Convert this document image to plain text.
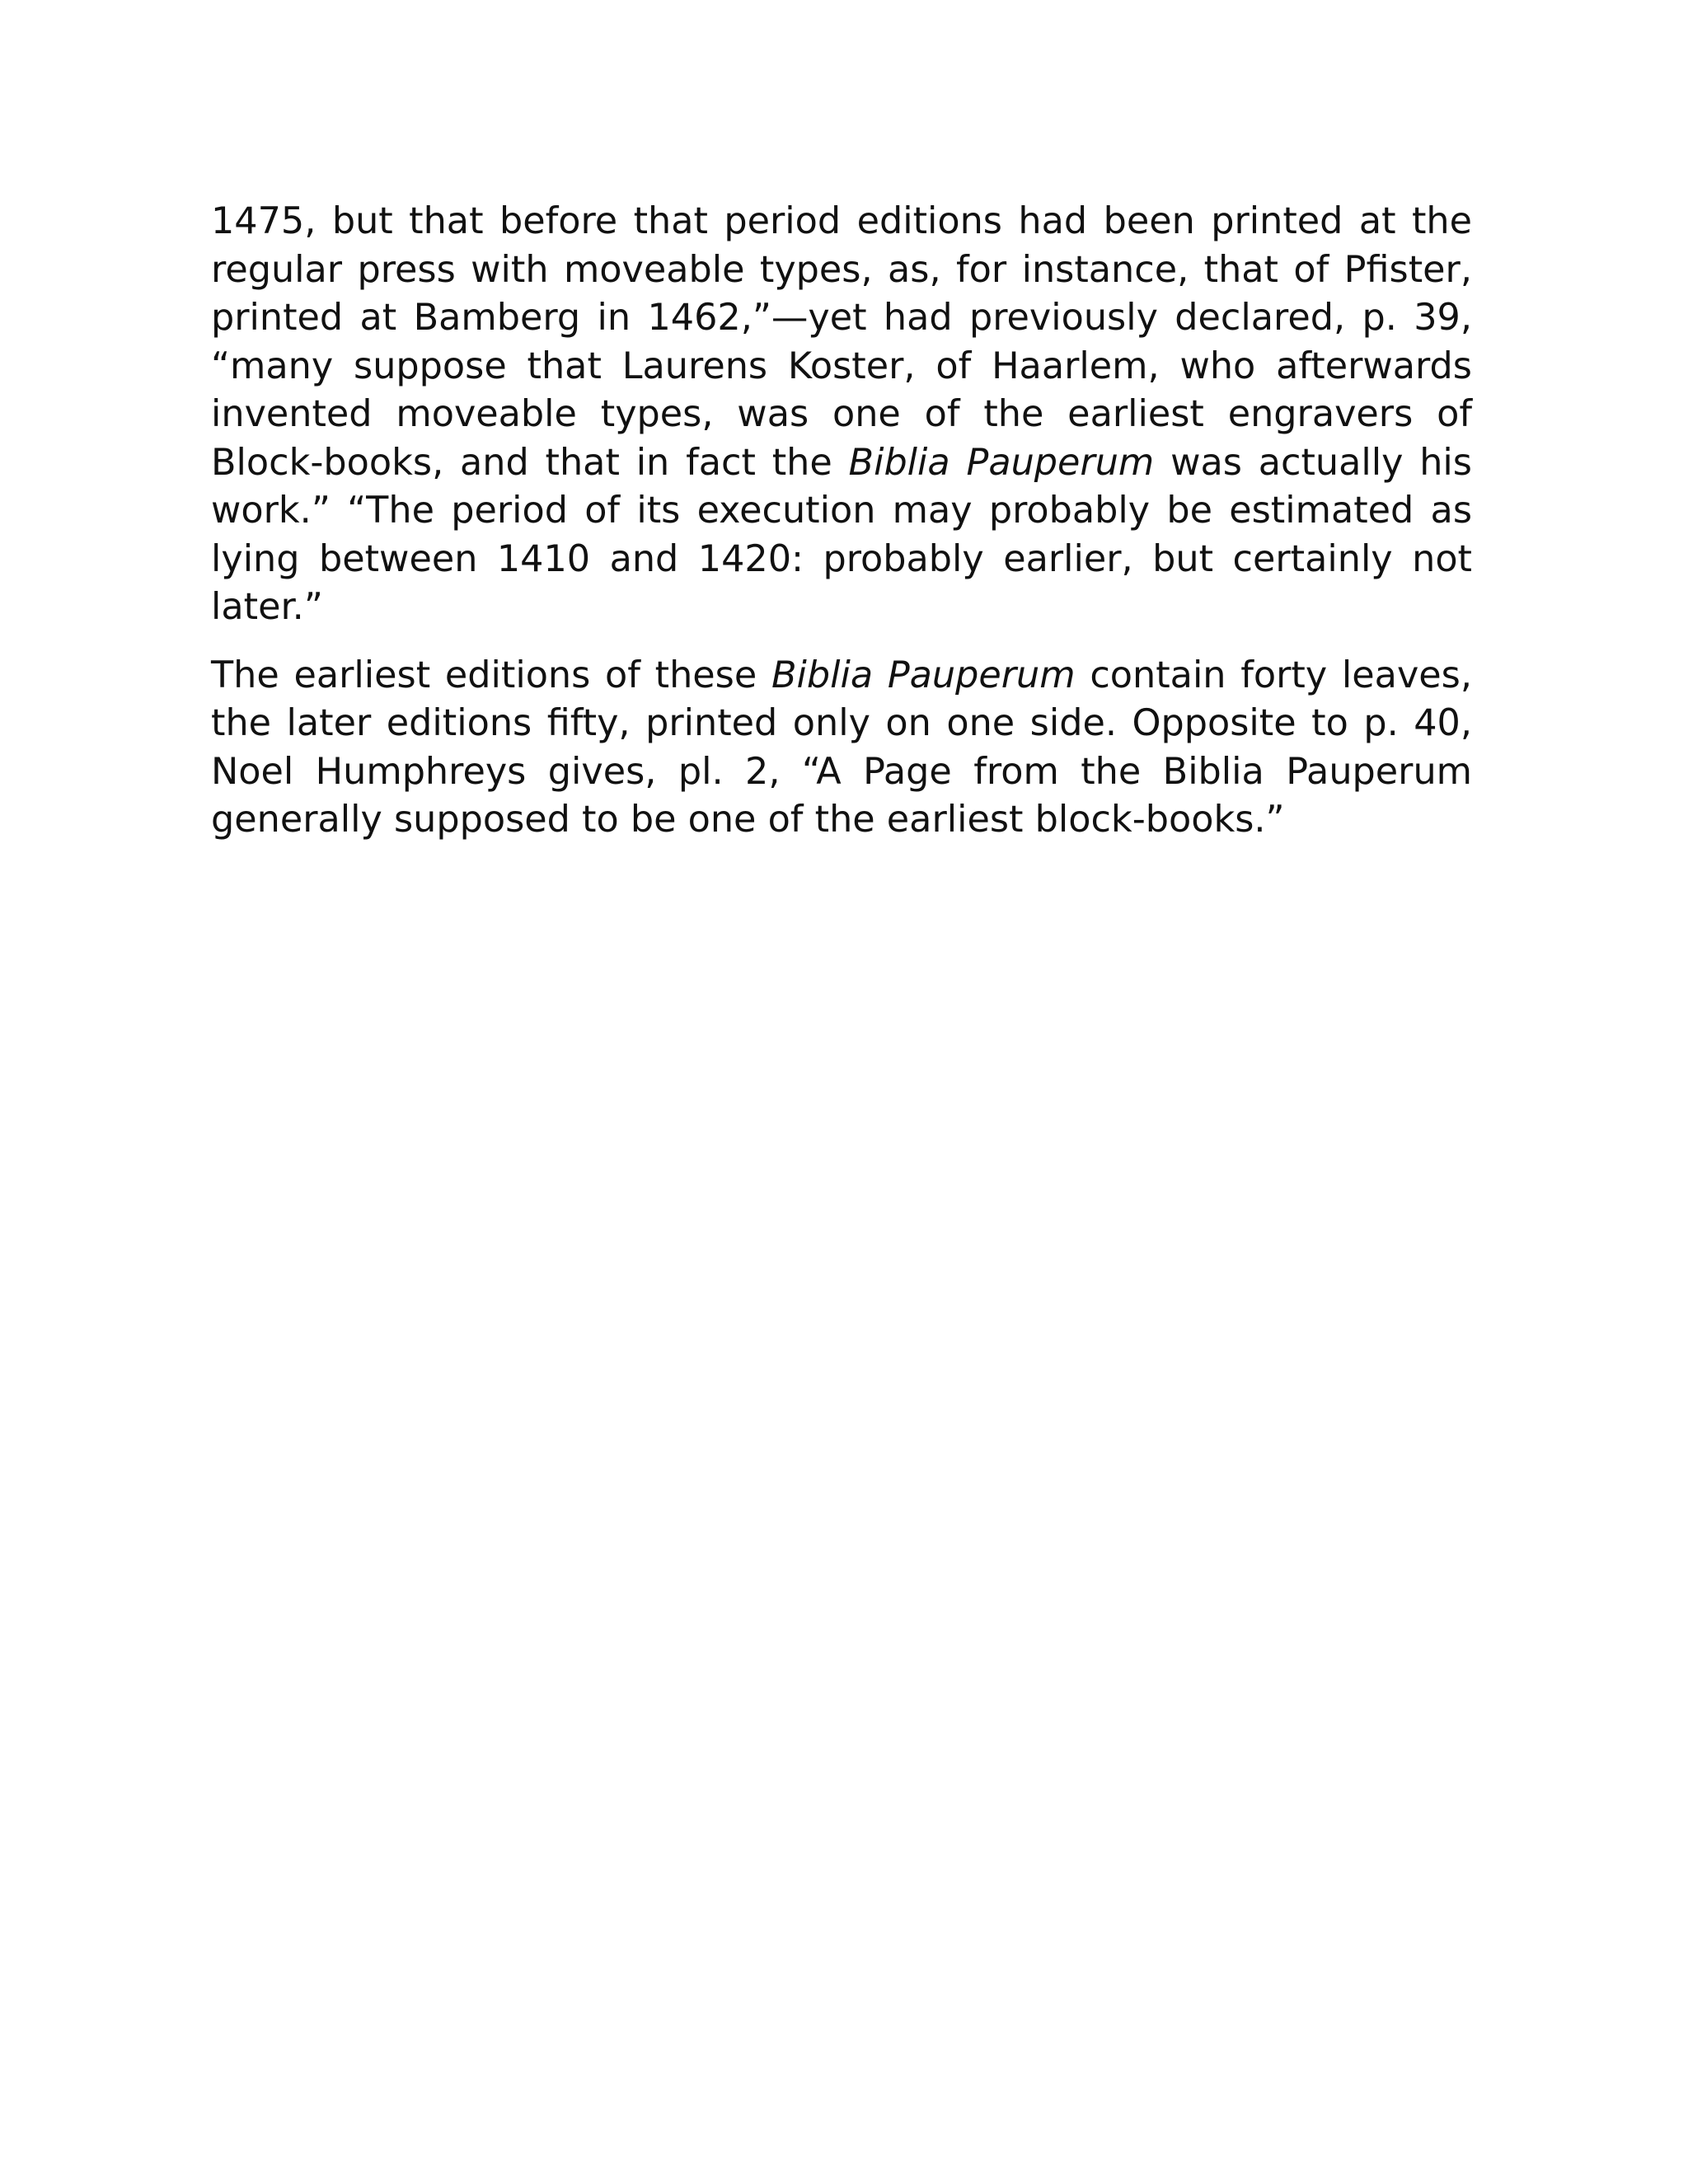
1475, but that before that period editions had been printed at the regular press with moveable types, as, for instance, that of Pfister, printed at Bamberg in 1462,”—yet had previously declared, p. 39, “many suppose that Laurens Koster, of Haarlem, who afterwards invented moveable types, was one of the earliest engravers of Block-books, and that in fact the Biblia Pauperum was actually his work.” “The period of its execution may probably be estimated as lying between 1410 and 1420: probably earlier, but certainly not later.”

The earliest editions of these Biblia Pauperum contain forty leaves, the later editions fifty, printed only on one side. Opposite to p. 40, Noel Humphreys gives, pl. 2, “A Page from the Biblia Pauperum generally supposed to be one of the earliest block-books.”
